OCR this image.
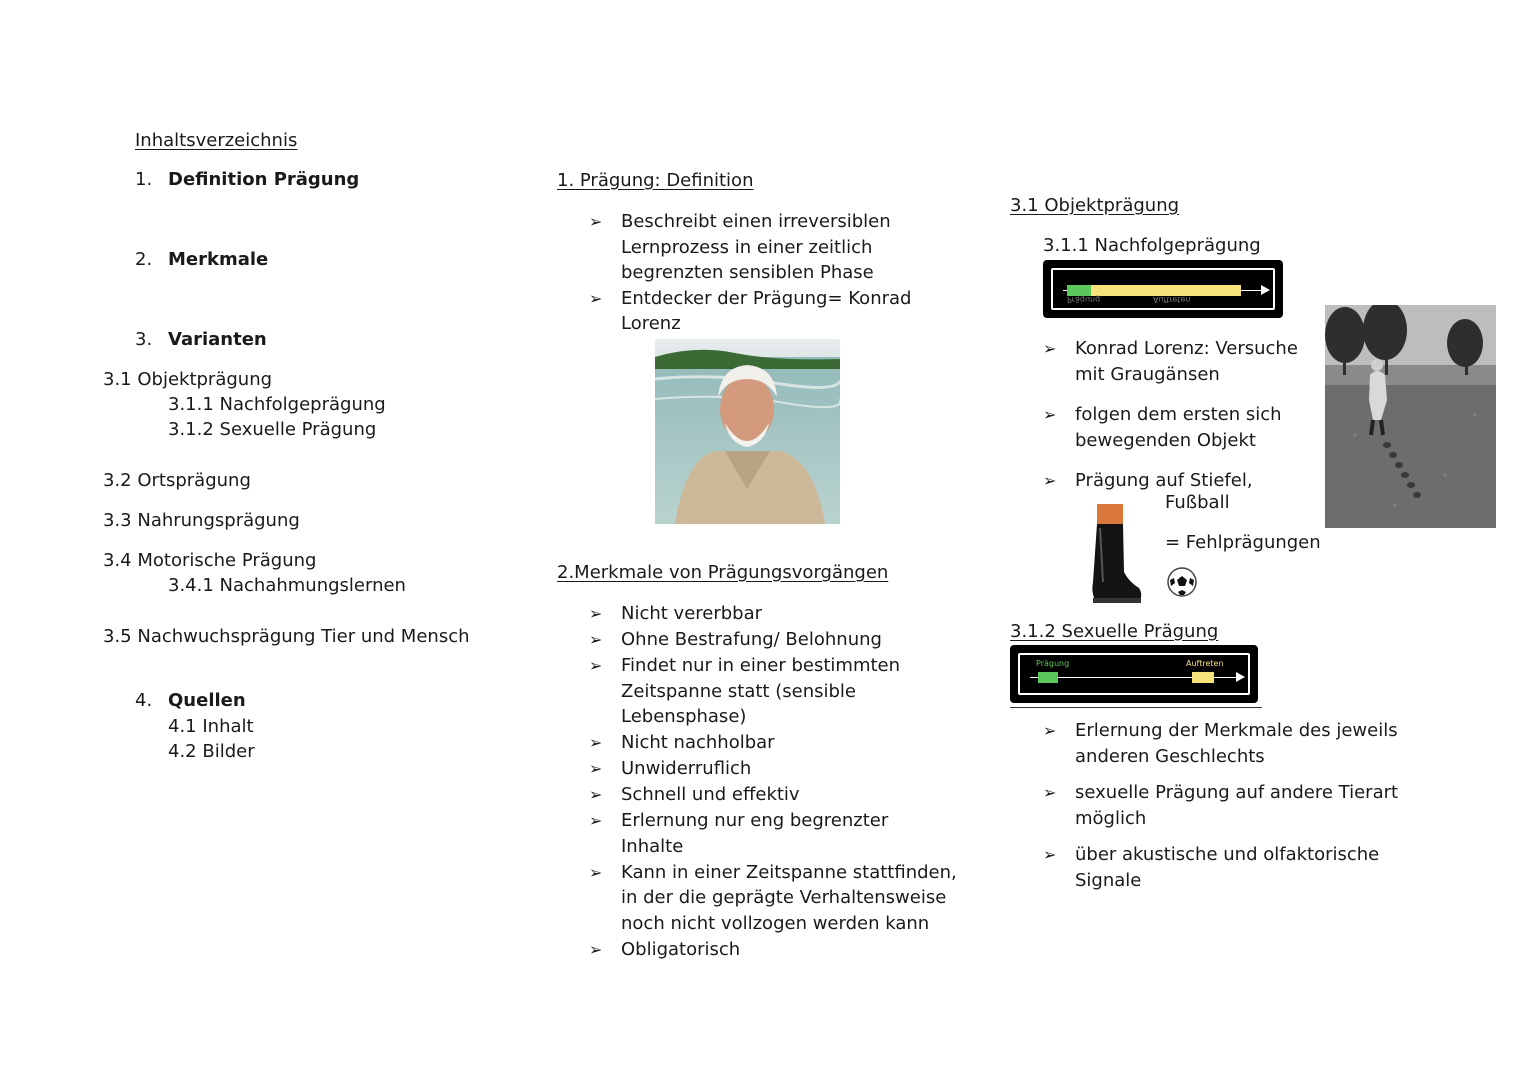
Inhaltsverzeichnis
1. Definition Prägung
2. Merkmale
3. Varianten
3.1 Objektprägung
3.1.1 Nachfolgeprägung
3.1.2 Sexuelle Prägung
3.2 Ortsprägung
3.3 Nahrungsprägung
3.4 Motorische Prägung
3.4.1 Nachahmungslernen
3.5 Nachwuchsprägung Tier und Mensch
4. Quellen
4.1 Inhalt
4.2 Bilder
1. Prägung: Definition
➢ Beschreibt einen irreversiblen Lernprozess in einer zeitlich begrenzten sensiblen Phase
➢ Entdecker der Prägung= Konrad Lorenz
2.Merkmale von Prägungsvorgängen
➢ Nicht vererbbar
➢ Ohne Bestrafung/ Belohnung
➢ Findet nur in einer bestimmten Zeitspanne statt (sensible Lebensphase)
➢ Nicht nachholbar
➢ Unwiderruflich
➢ Schnell und effektiv
➢ Erlernung nur eng begrenzter Inhalte
➢ Kann in einer Zeitspanne stattfinden, in der die geprägte Verhaltensweise noch nicht vollzogen werden kann
➢ Obligatorisch
3.1 Objektprägung
3.1.1 Nachfolgeprägung
Prägung	Auftreten
➢ Konrad Lorenz: Versuche mit Graugänsen
➢ folgen dem ersten sich bewegenden Objekt
➢ Prägung auf Stiefel,
Fußball
= Fehlprägungen
3.1.2 Sexuelle Prägung
Prägung	Auftreten
➢ Erlernung der Merkmale des jeweils anderen Geschlechts
➢ sexuelle Prägung auf andere Tierart möglich
➢ über akustische und olfaktorische Signale
